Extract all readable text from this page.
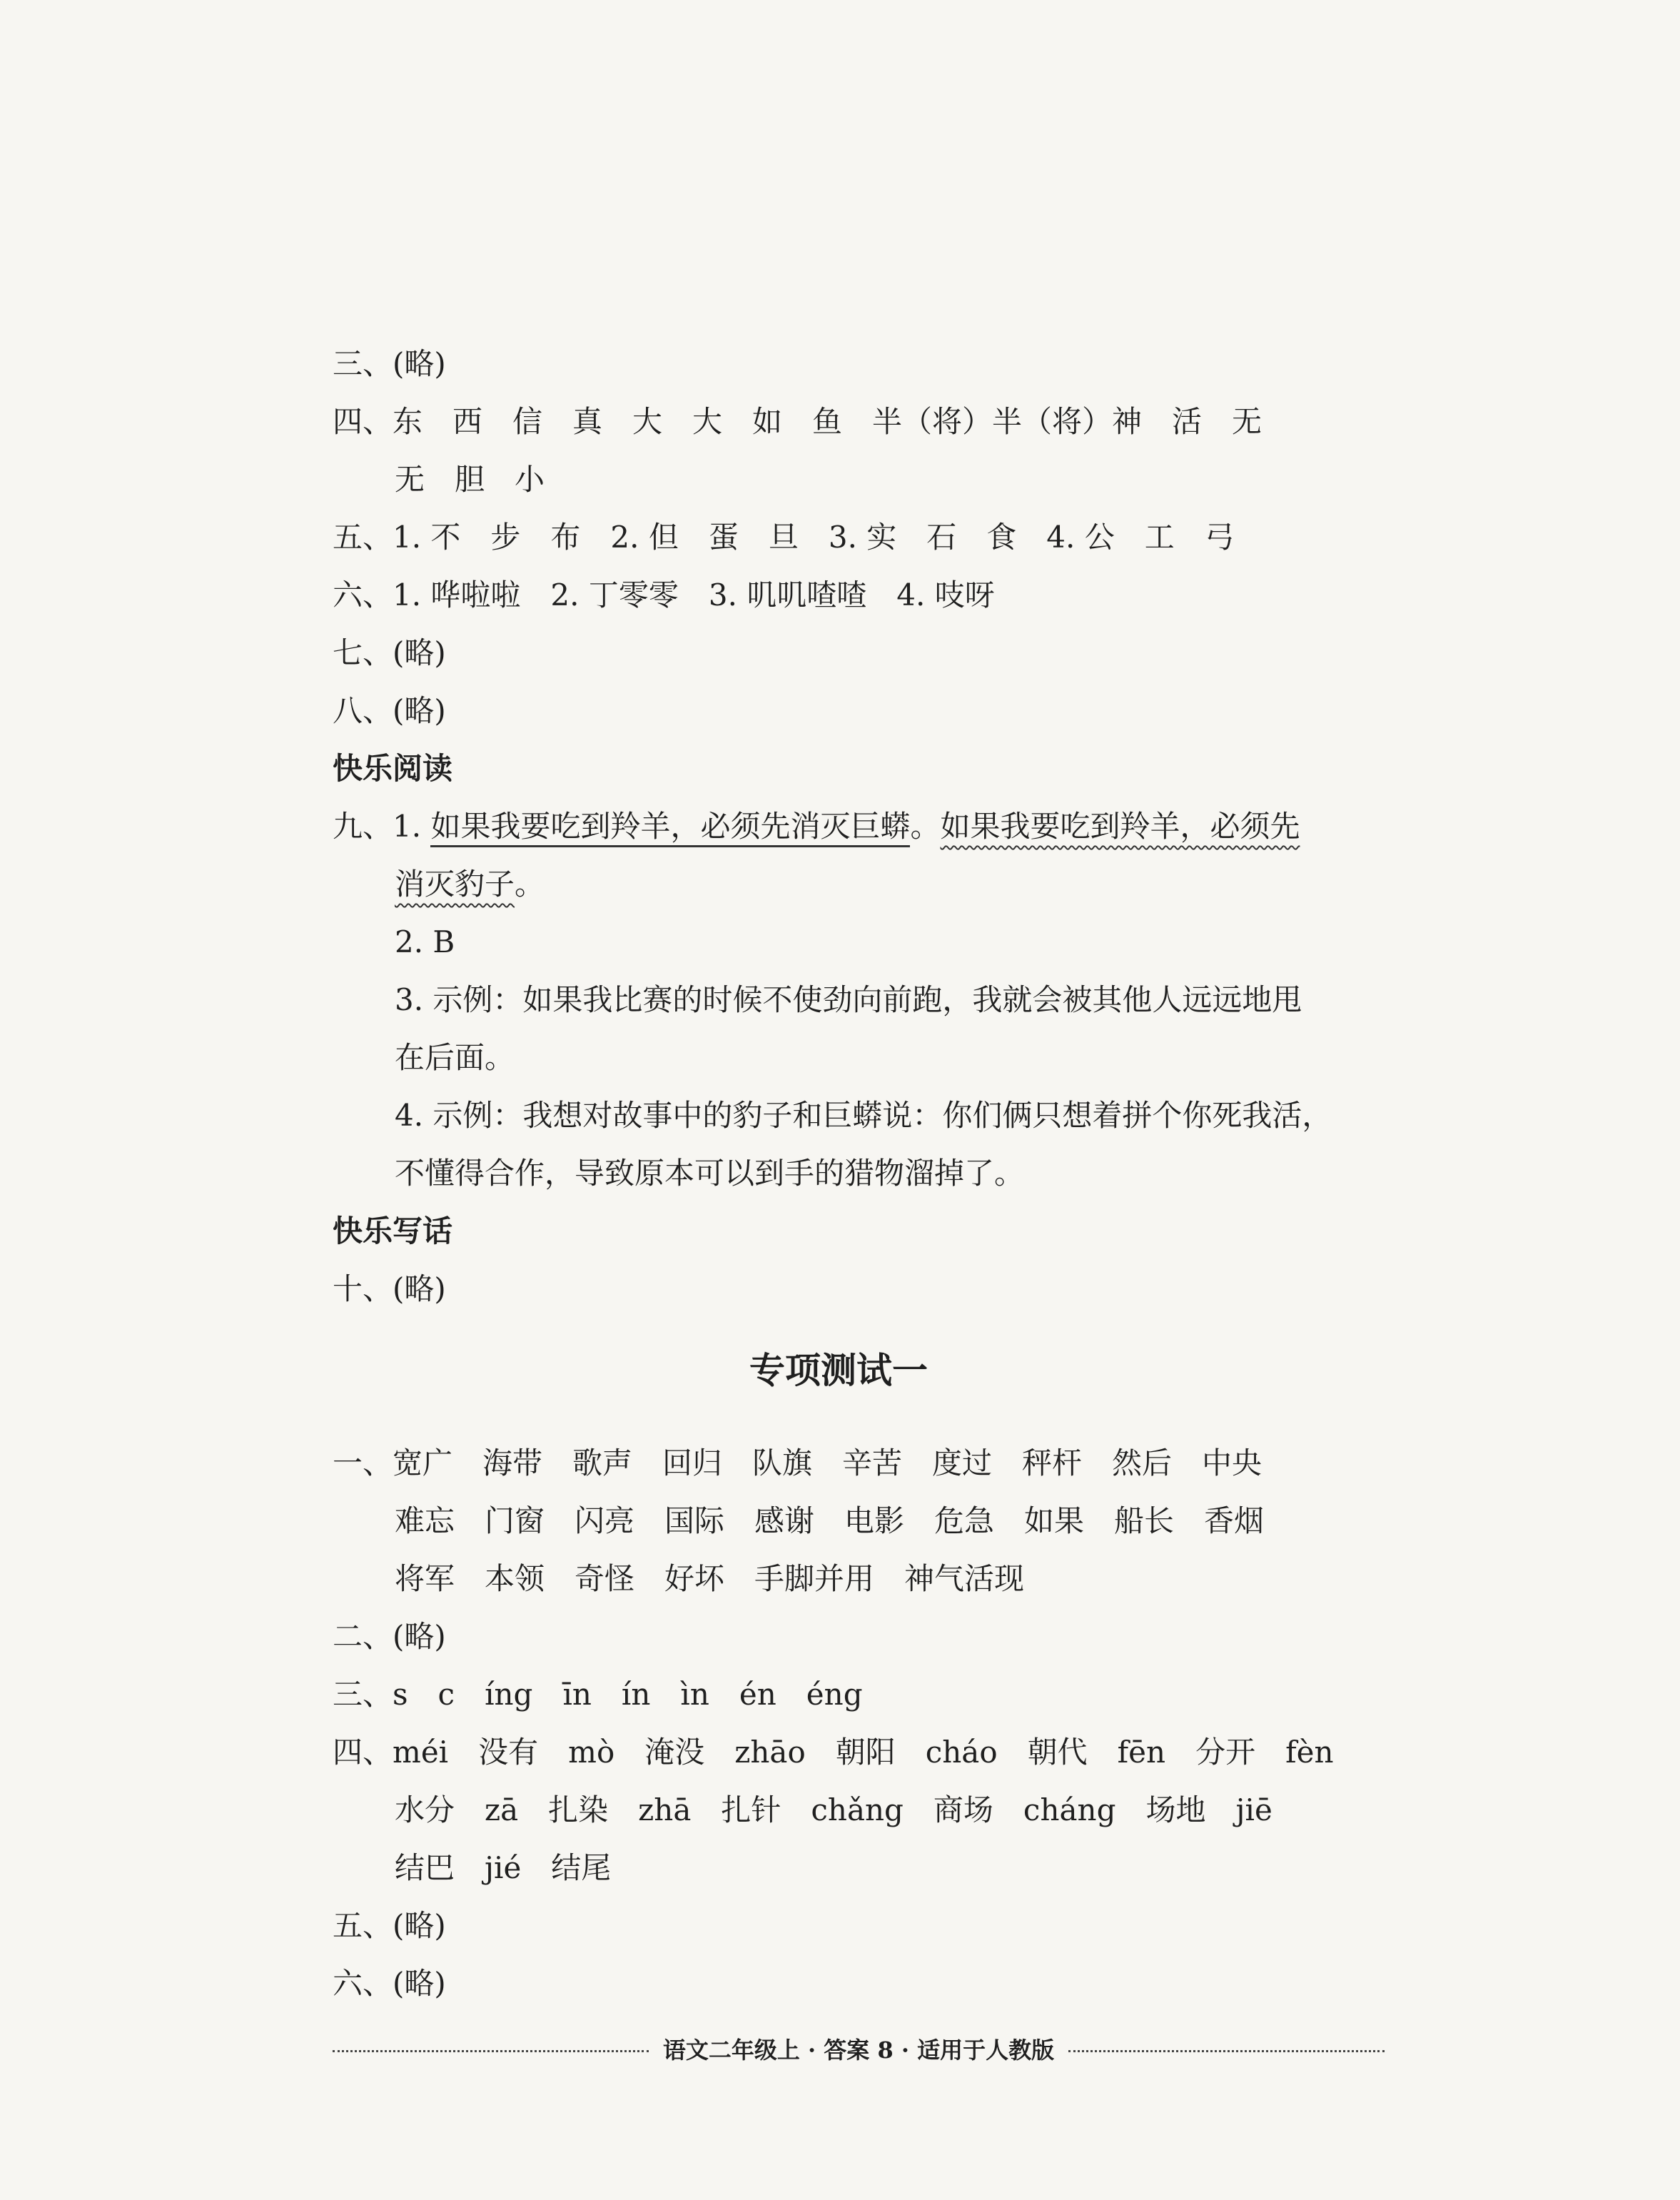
三、(略)
四、东　西　信　真　大　大　如　鱼　半（将）半（将）神　活　无
无　胆　小
五、1. 不　步　布　2. 但　蛋　旦　3. 实　石　食　4. 公　工　弓
六、1. 哗啦啦　2. 丁零零　3. 叽叽喳喳　4. 吱呀
七、(略)
八、(略)
快乐阅读
九、1. 如果我要吃到羚羊，必须先消灭巨蟒。如果我要吃到羚羊，必须先
消灭豹子。
2. B
3. 示例：如果我比赛的时候不使劲向前跑，我就会被其他人远远地甩
在后面。
4. 示例：我想对故事中的豹子和巨蟒说：你们俩只想着拼个你死我活，
不懂得合作，导致原本可以到手的猎物溜掉了。
快乐写话
十、(略)
专项测试一
一、宽广　海带　歌声　回归　队旗　辛苦　度过　秤杆　然后　中央
难忘　门窗　闪亮　国际　感谢　电影　危急　如果　船长　香烟
将军　本领　奇怪　好坏　手脚并用　神气活现
二、(略)
三、s　c　íng　īn　ín　ìn　én　éng
四、méi　没有　mò　淹没　zhāo　朝阳　cháo　朝代　fēn　分开　fèn
水分　zā　扎染　zhā　扎针　chǎng　商场　cháng　场地　jiē
结巴　jié　结尾
五、(略)
六、(略)
语文二年级上 · 答案 8 · 适用于人教版
